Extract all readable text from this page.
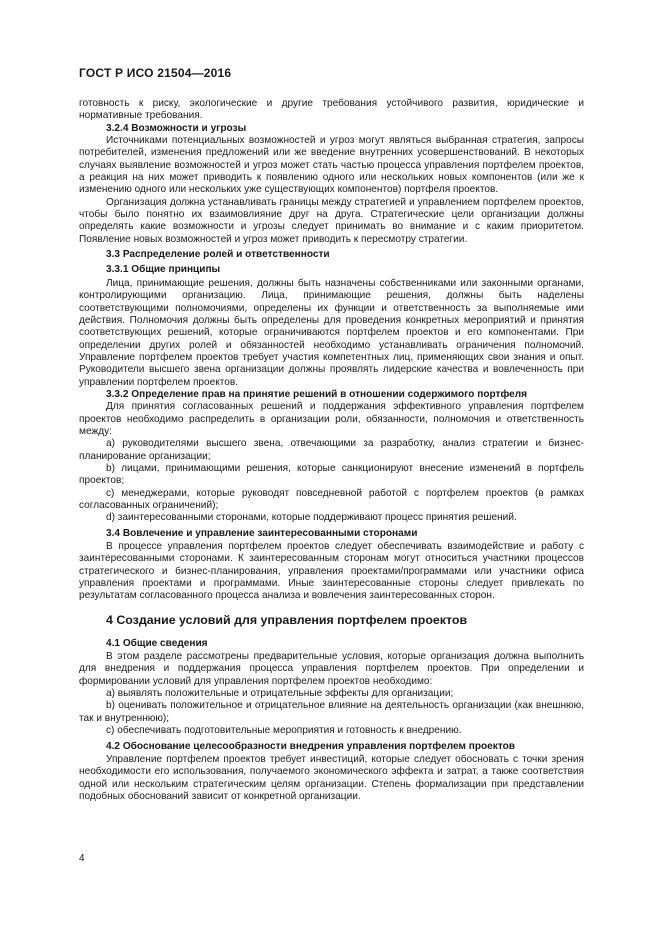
ГОСТ Р ИСО 21504—2016

готовность к риску, экологические и другие требования устойчивого развития, юридические и нормативные требования.

3.2.4 Возможности и угрозы

Источниками потенциальных возможностей и угроз могут являться выбранная стратегия, запросы потребителей, изменения предложений или же введение внутренних усовершенствований. В некоторых случаях выявление возможностей и угроз может стать частью процесса управления портфелем проектов, а реакция на них может приводить к появлению одного или нескольких новых компонентов (или же к изменению одного или нескольких уже существующих компонентов) портфеля проектов.

Организация должна устанавливать границы между стратегией и управлением портфелем проектов, чтобы было понятно их взаимовлияние друг на друга. Стратегические цели организации должны определять какие возможности и угрозы следует принимать во внимание и с каким приоритетом. Появление новых возможностей и угроз может приводить к пересмотру стратегии.

3.3 Распределение ролей и ответственности

3.3.1 Общие принципы

Лица, принимающие решения, должны быть назначены собственниками или законными органами, контролирующими организацию. Лица, принимающие решения, должны быть наделены соответствующими полномочиями, определены их функции и ответственность за выполняемые ими действия. Полномочия должны быть определены для проведения конкретных мероприятий и принятия соответствующих решений, которые ограничиваются портфелем проектов и его компонентами. При определении других ролей и обязанностей необходимо устанавливать ограничения полномочий. Управление портфелем проектов требует участия компетентных лиц, применяющих свои знания и опыт. Руководители высшего звена организации должны проявлять лидерские качества и вовлеченность при управлении портфелем проектов.

3.3.2 Определение прав на принятие решений в отношении содержимого портфеля

Для принятия согласованных решений и поддержания эффективного управления портфелем проектов необходимо распределить в организации роли, обязанности, полномочия и ответственность между:

a) руководителями высшего звена, отвечающими за разработку, анализ стратегии и бизнес-планирование организации;

b) лицами, принимающими решения, которые санкционируют внесение изменений в портфель проектов;

c) менеджерами, которые руководят повседневной работой с портфелем проектов (в рамках согласованных ограничений);

d) заинтересованными сторонами, которые поддерживают процесс принятия решений.

3.4 Вовлечение и управление заинтересованными сторонами

В процессе управления портфелем проектов следует обеспечивать взаимодействие и работу с заинтересованными сторонами. К заинтересованным сторонам могут относиться участники процессов стратегического и бизнес-планирования, управления проектами/программами или участники офиса управления проектами и программами. Иные заинтересованные стороны следует привлекать по результатам согласованного процесса анализа и вовлечения заинтересованных сторон.

4 Создание условий для управления портфелем проектов

4.1 Общие сведения

В этом разделе рассмотрены предварительные условия, которые организация должна выполнить для внедрения и поддержания процесса управления портфелем проектов. При определении и формировании условий для управления портфелем проектов необходимо:

a) выявлять положительные и отрицательные эффекты для организации;

b) оценивать положительное и отрицательное влияние на деятельность организации (как внешнюю, так и внутреннюю);

c) обеспечивать подготовительные мероприятия и готовность к внедрению.

4.2 Обоснование целесообразности внедрения управления портфелем проектов

Управление портфелем проектов требует инвестиций, которые следует обосновать с точки зрения необходимости его использования, получаемого экономического эффекта и затрат, а также соответствия одной или нескольким стратегическим целям организации. Степень формализации при представлении подобных обоснований зависит от конкретной организации.

4
